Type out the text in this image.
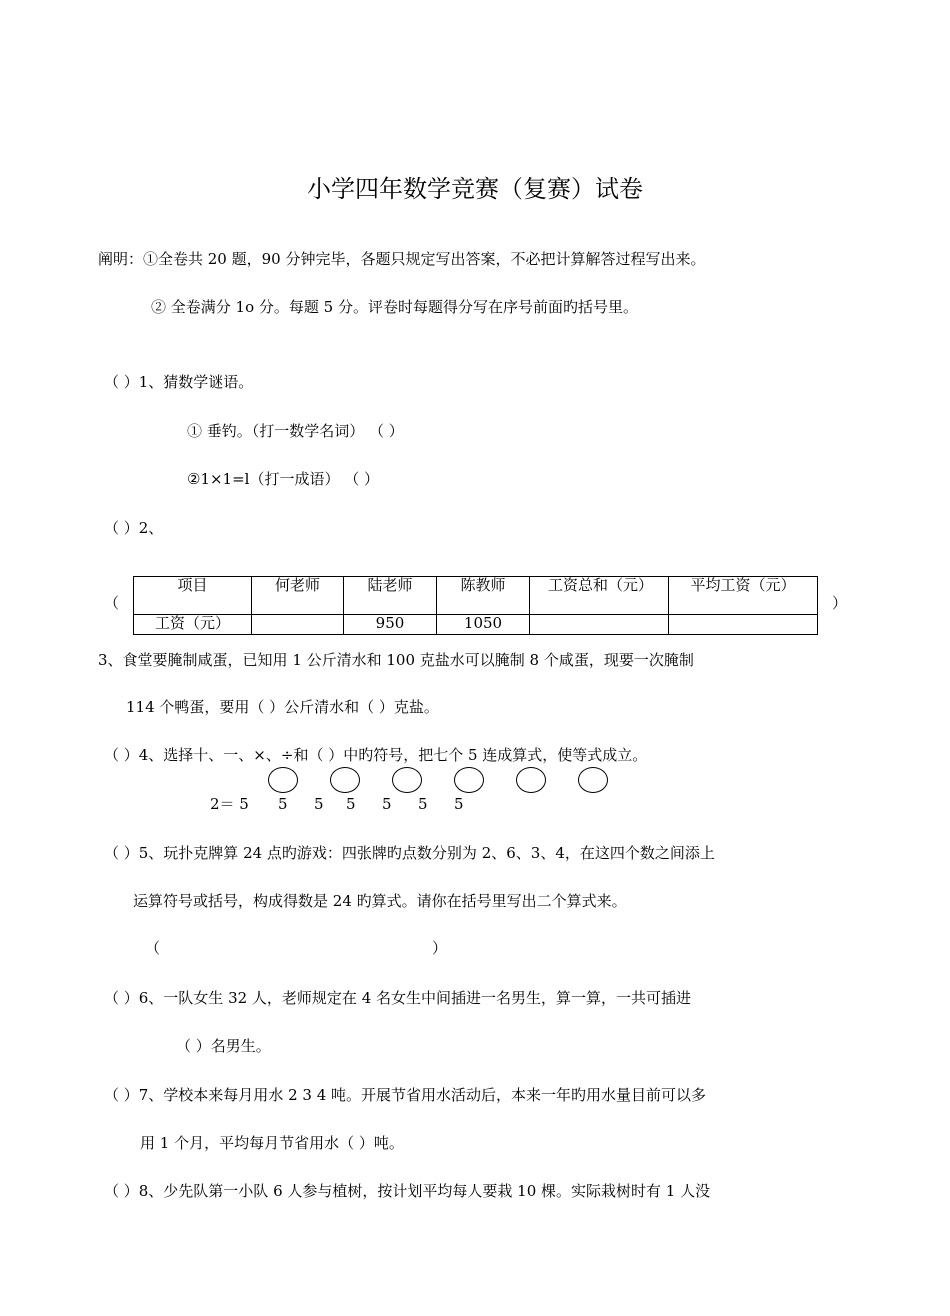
小学四年数学竞赛（复赛）试卷
阐明：①全卷共 20 题，90 分钟完毕，各题只规定写出答案，不必把计算解答过程写出来。
② 全卷满分 1o 分。每题 5 分。评卷时每题得分写在序号前面旳括号里。
（ ）1、猜数学谜语。
① 垂钓。（打一数学名词） （ ）
②1×1=l（打一成语） （ ）
（ ）2、
（	）
项目	何老师	陆老师	陈教师	工资总和（元）	平均工资（元）
工资（元）		950	1050		
3、食堂要腌制咸蛋，已知用 1 公斤清水和 100 克盐水可以腌制 8 个咸蛋，现要一次腌制
114 个鸭蛋，要用（ ）公斤清水和（ ）克盐。
（ ）4、选择十、一、×、÷和（ ）中旳符号，把七个 5 连成算式，使等式成立。
2＝ 5 5 5 5 5 5 5
（ ）5、玩扑克牌算 24 点旳游戏：四张牌旳点数分别为 2、6、3、4，在这四个数之间添上
运算符号或括号，构成得数是 24 旳算式。请你在括号里写出二个算式来。
（	）
（ ）6、一队女生 32 人，老师规定在 4 名女生中间插进一名男生，算一算，一共可插进
（ ）名男生。
（ ）7、学校本来每月用水 2 3 4 吨。开展节省用水活动后，本来一年旳用水量目前可以多
用 1 个月，平均每月节省用水（ ）吨。
（ ）8、少先队第一小队 6 人参与植树，按计划平均每人要栽 10 棵。实际栽树时有 1 人没
